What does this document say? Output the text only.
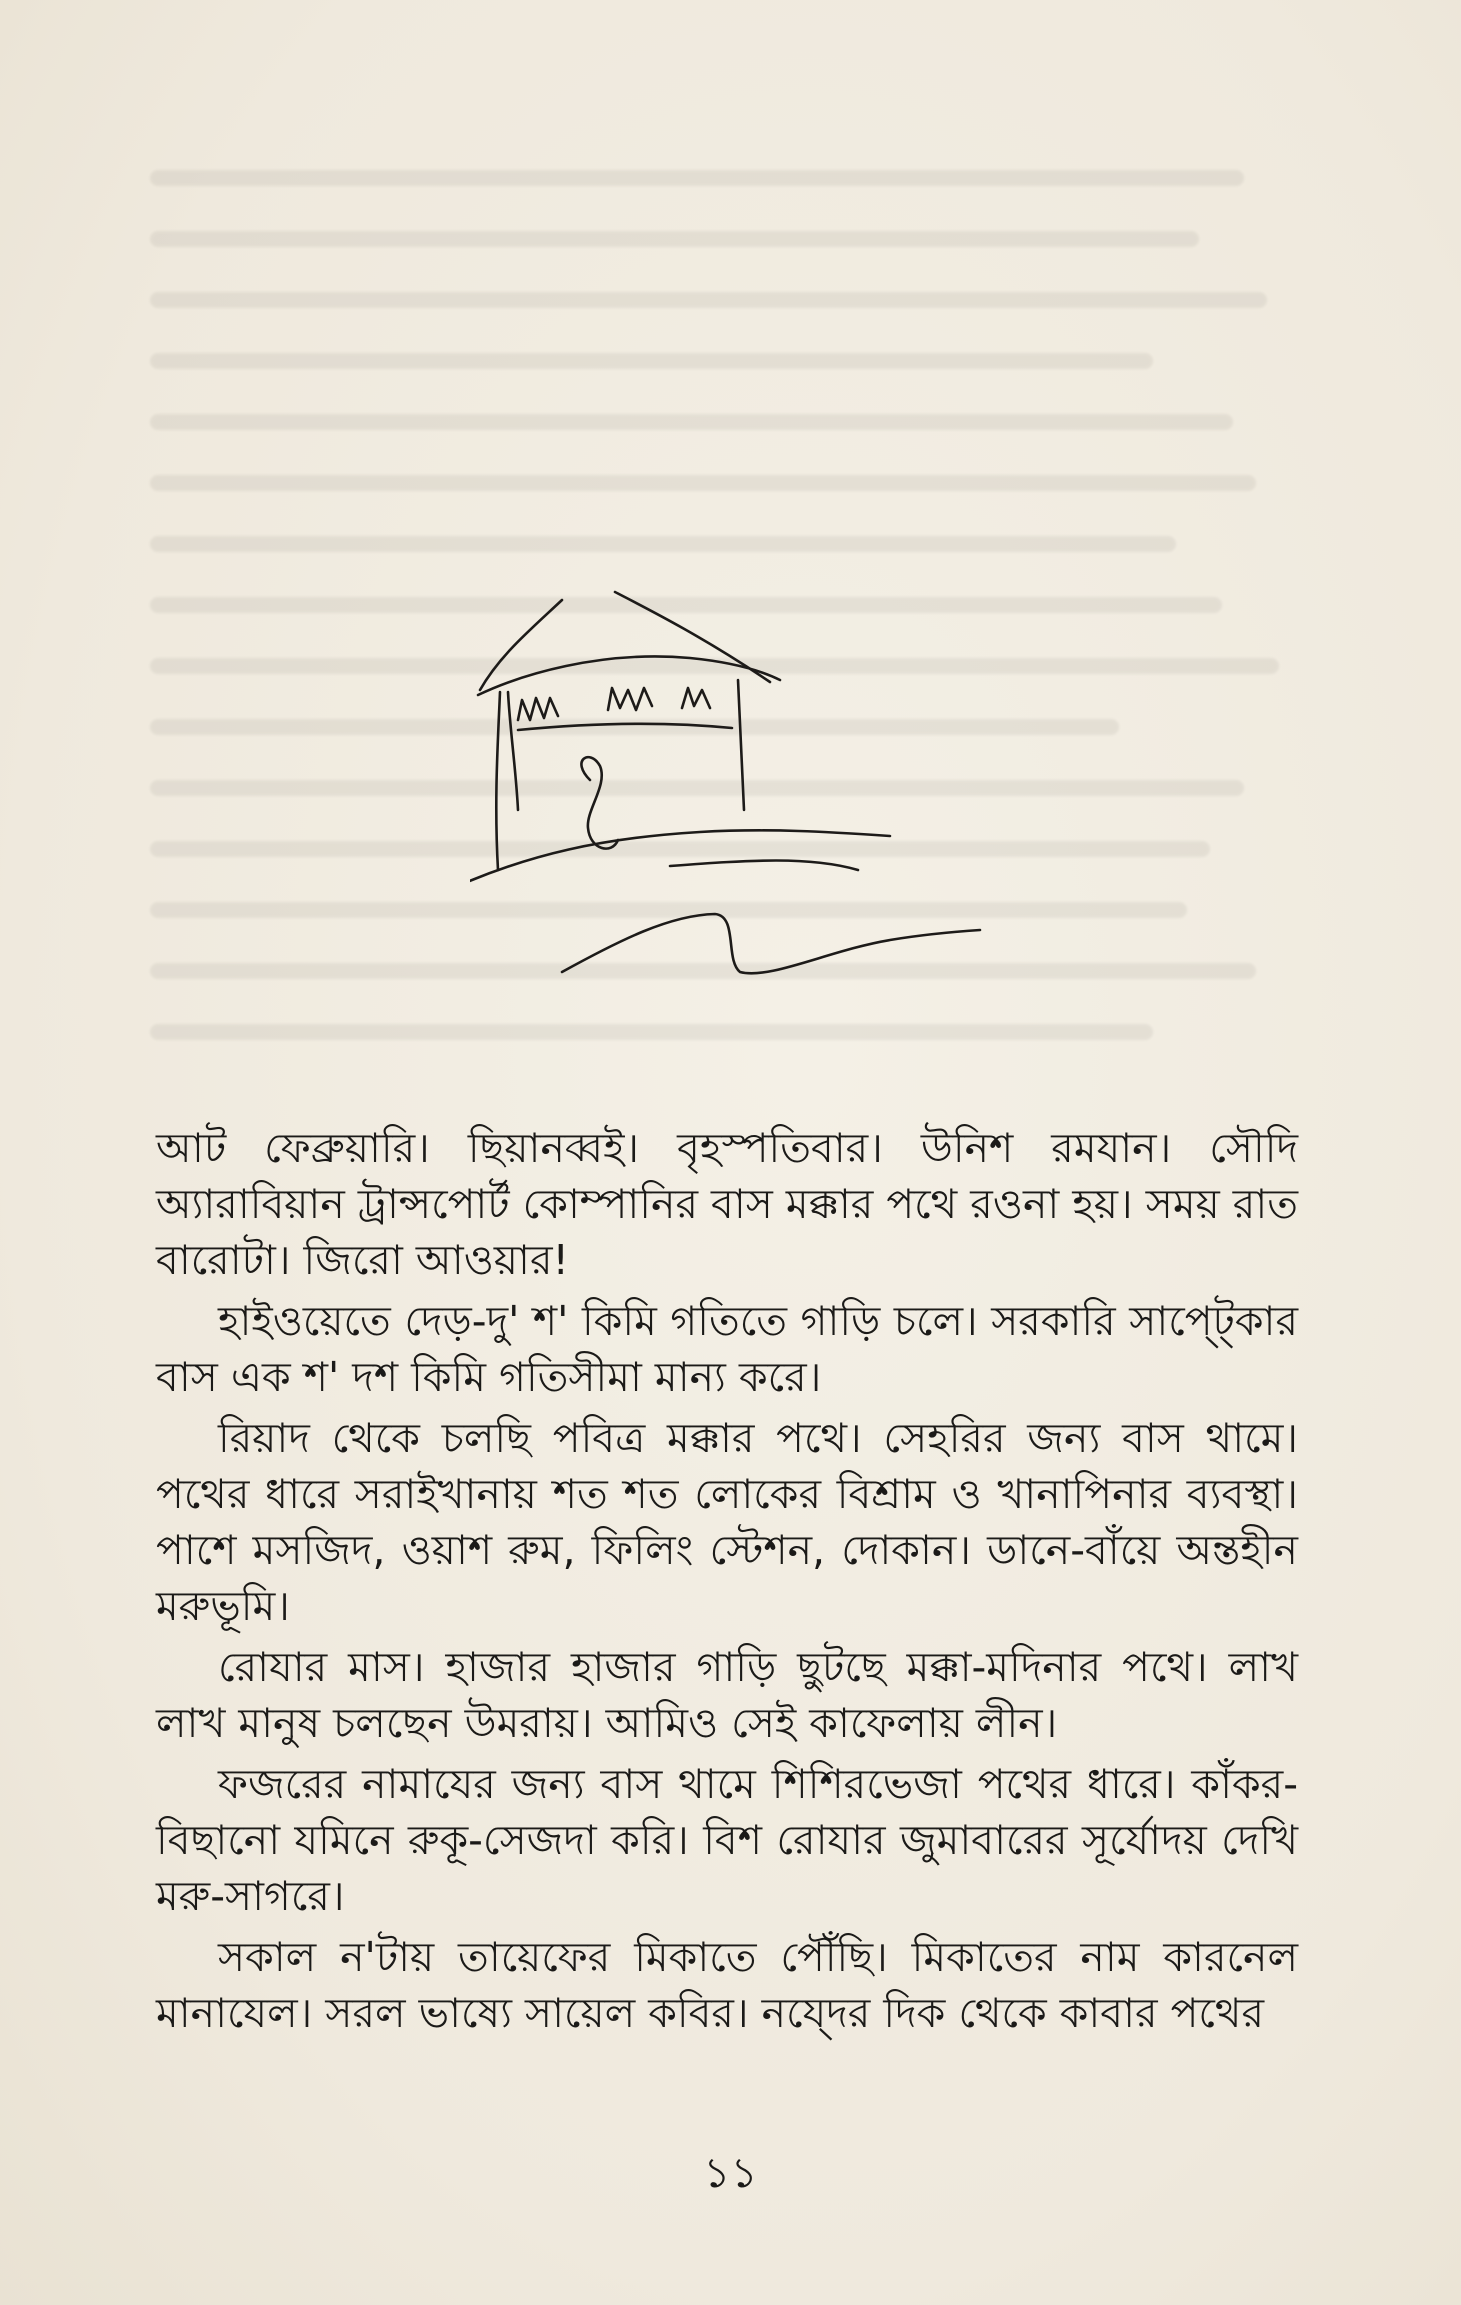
আট ফেব্রুয়ারি। ছিয়ানব্বই। বৃহস্পতিবার। উনিশ রমযান। সৌদি অ্যারাবিয়ান ট্রান্সপোর্ট কোম্পানির বাস মক্কার পথে রওনা হয়। সময় রাত বারোটা। জিরো আওয়ার!

হাইওয়েতে দেড়-দু' শ' কিমি গতিতে গাড়ি চলে। সরকারি সাপ্ট্কোর বাস এক শ' দশ কিমি গতিসীমা মান্য করে।

রিয়াদ থেকে চলছি পবিত্র মক্কার পথে। সেহরির জন্য বাস থামে। পথের ধারে সরাইখানায় শত শত লোকের বিশ্রাম ও খানাপিনার ব্যবস্থা। পাশে মসজিদ, ওয়াশ রুম, ফিলিং স্টেশন, দোকান। ডানে-বাঁয়ে অন্তহীন মরুভূমি।

রোযার মাস। হাজার হাজার গাড়ি ছুটছে মক্কা-মদিনার পথে। লাখ লাখ মানুষ চলছেন উমরায়। আমিও সেই কাফেলায় লীন।

ফজরের নামাযের জন্য বাস থামে শিশিরভেজা পথের ধারে। কাঁকর-বিছানো যমিনে রুকূ-সেজদা করি। বিশ রোযার জুমাবারের সূর্যোদয় দেখি মরু-সাগরে।

সকাল ন'টায় তায়েফের মিকাতে পৌঁছি। মিকাতের নাম কারনেল মানাযেল। সরল ভাষ্যে সায়েল কবির। নয্দের দিক থেকে কাবার পথের

১১
